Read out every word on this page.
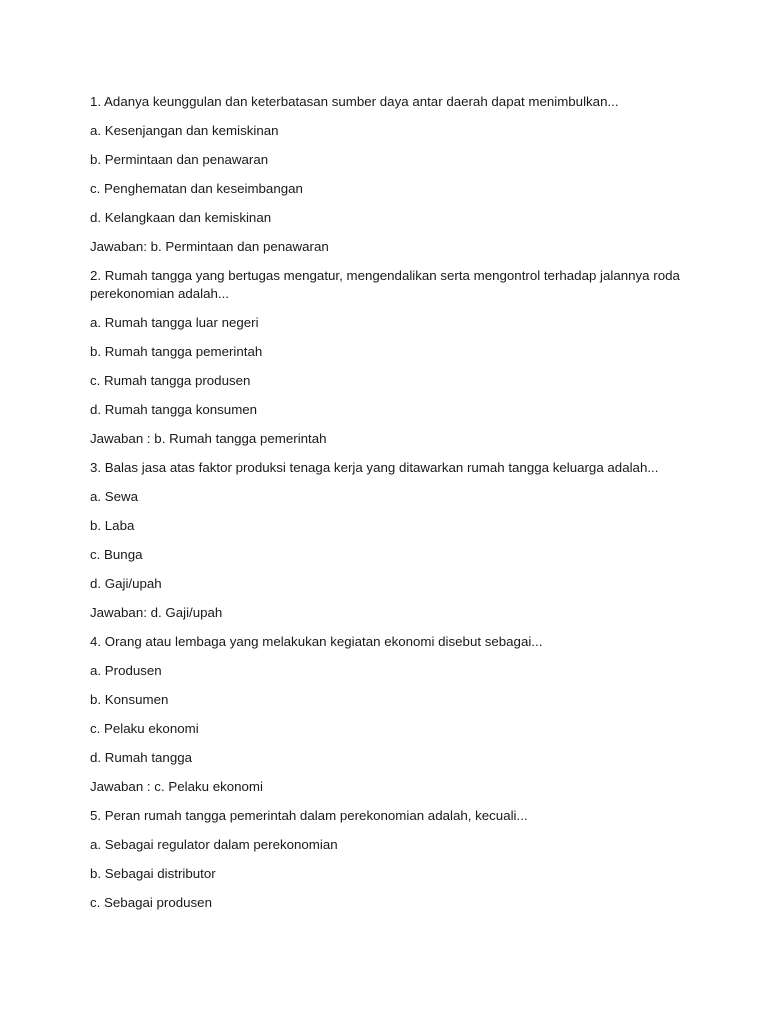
1. Adanya keunggulan dan keterbatasan sumber daya antar daerah dapat menimbulkan...

a. Kesenjangan dan kemiskinan

b. Permintaan dan penawaran

c. Penghematan dan keseimbangan

d. Kelangkaan dan kemiskinan

Jawaban: b. Permintaan dan penawaran

2. Rumah tangga yang bertugas mengatur, mengendalikan serta mengontrol terhadap jalannya roda perekonomian adalah...

a. Rumah tangga luar negeri

b. Rumah tangga pemerintah

c. Rumah tangga produsen

d. Rumah tangga konsumen

Jawaban : b. Rumah tangga pemerintah

3. Balas jasa atas faktor produksi tenaga kerja yang ditawarkan rumah tangga keluarga adalah...

a. Sewa

b. Laba

c. Bunga

d. Gaji/upah

Jawaban: d. Gaji/upah

4. Orang atau lembaga yang melakukan kegiatan ekonomi disebut sebagai...

a. Produsen

b. Konsumen

c. Pelaku ekonomi

d. Rumah tangga

Jawaban : c. Pelaku ekonomi

5. Peran rumah tangga pemerintah dalam perekonomian adalah, kecuali...

a. Sebagai regulator dalam perekonomian

b. Sebagai distributor

c. Sebagai produsen
